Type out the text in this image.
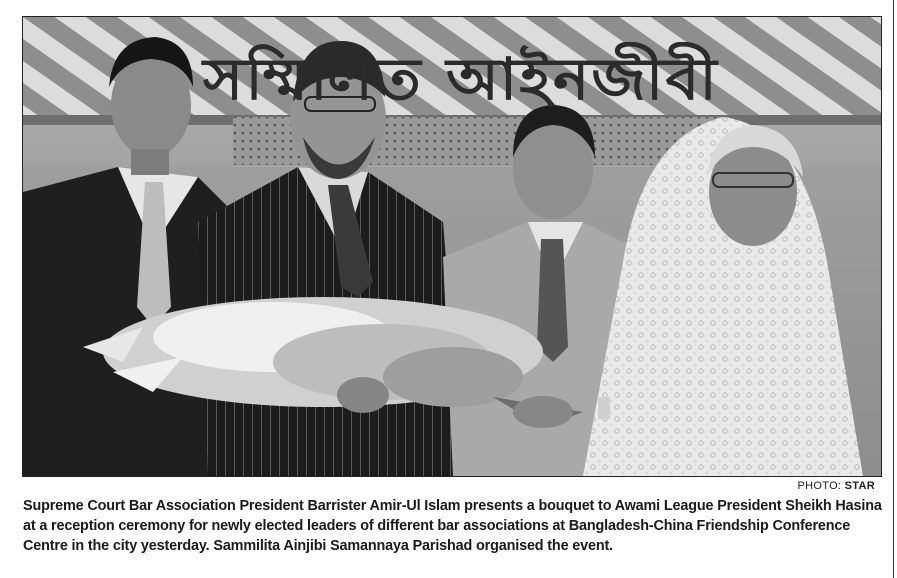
সম্মিলিত আইনজীবী
PHOTO: STAR

Supreme Court Bar Association President Barrister Amir-Ul Islam presents a bouquet to Awami League President Sheikh Hasina at a reception ceremony for newly elected leaders of different bar associations at Bangladesh-China Friendship Conference Centre in the city yesterday. Sammilita Ainjibi Samannaya Parishad organised the event.
